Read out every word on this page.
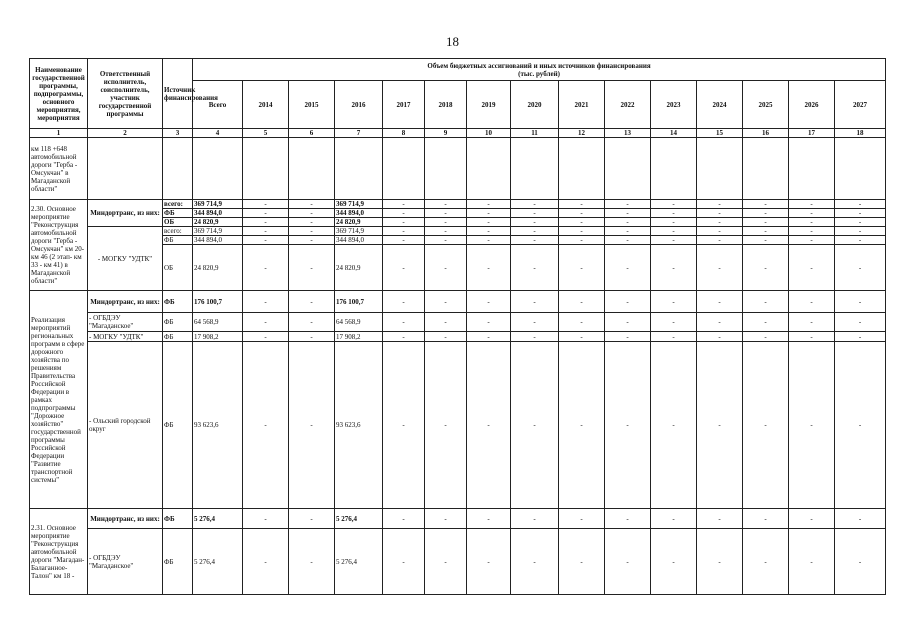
18
Наименование государственной программы, подпрограммы, основного мероприятия, мероприятия	Ответственный исполнитель, соисполнитель, участник государственной программы	Источник финансирования	Объем бюджетных ассигнований и иных источников финансирования
(тыс. рублей)														
			Всего	2014	2015	2016	2017	2018	2019	2020	2021	2022	2023	2024	2025	2026	2027
1	2	3	4	5	6	7	8	9	10	11	12	13	14	15	16	17	18
км 118 +648 автомобильной дороги "Герба - Омсукчан" в Магаданской области"																	
2.30. Основное мероприятие "Реконструкция автомобильной дороги "Герба - Омсукчан" км 20- км 46 (2 этап- км 33 - км 41) в Магаданской области"	Миндортранс, из них:	всего:	369 714,9	-	-	369 714,9	-	-	-	-	-	-	-	-	-	-	-
		ФБ	344 894,0	-	-	344 894,0	-	-	-	-	-	-	-	-	-	-	-
		ОБ	24 820,9	-	-	24 820,9	-	-	-	-	-	-	-	-	-	-	-
	- МОГКУ "УДТК"	всего:	369 714,9	-	-	369 714,9	-	-	-	-	-	-	-	-	-	-	-
		ФБ	344 894,0	-	-	344 894,0	-	-	-	-	-	-	-	-	-	-	-
		ОБ	24 820,9	-	-	24 820,9	-	-	-	-	-	-	-	-	-	-	-
Реализация мероприятий региональных программ в сфере дорожного хозяйства по решениям Правительства Российской Федерации в рамках подпрограммы "Дорожное хозяйство" государственной программы Российской Федерации "Развитие транспортной системы"	Миндортранс, из них:	ФБ	176 100,7	-	-	176 100,7	-	-	-	-	-	-	-	-	-	-	-
	- ОГБДЭУ "Магаданское"	ФБ	64 568,9	-	-	64 568,9	-	-	-	-	-	-	-	-	-	-	-
	- МОГКУ "УДТК"	ФБ	17 908,2	-	-	17 908,2	-	-	-	-	-	-	-	-	-	-	-
	- Ольский городской округ	ФБ	93 623,6	-	-	93 623,6	-	-	-	-	-	-	-	-	-	-	-
2.31. Основное мероприятие "Реконструкция автомобильной дороги "Магадан-Балаганное-Талон" км 18 -	Миндортранс, из них:	ФБ	5 276,4	-	-	5 276,4	-	-	-	-	-	-	-	-	-	-	-
	- ОГБДЭУ "Магаданское"	ФБ	5 276,4	-	-	5 276,4	-	-	-	-	-	-	-	-	-	-	-
